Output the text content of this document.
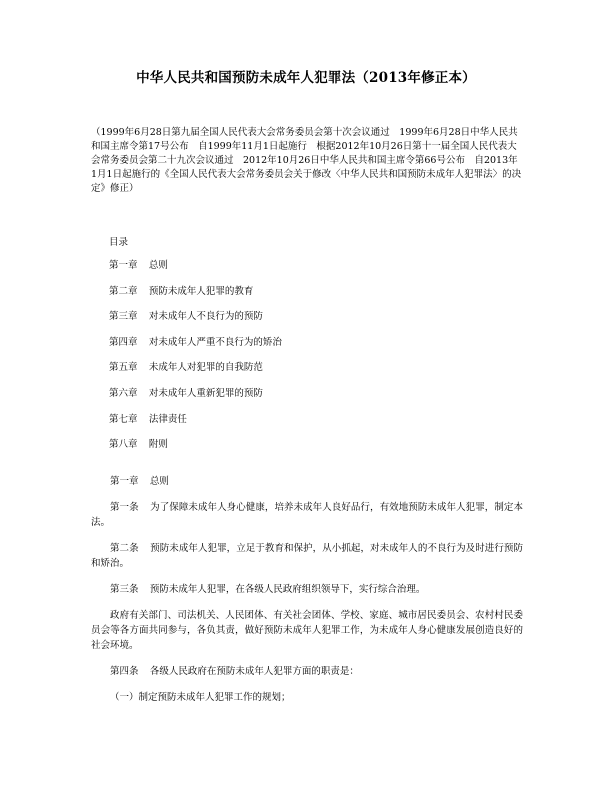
中华人民共和国预防未成年人犯罪法（2013年修正本）
（1999年6月28日第九届全国人民代表大会常务委员会第十次会议通过　1999年6月28日中华人民共和国主席令第17号公布　自1999年11月1日起施行　根据2012年10月26日第十一届全国人民代表大会常务委员会第二十九次会议通过　2012年10月26日中华人民共和国主席令第66号公布　自2013年1月1日起施行的《全国人民代表大会常务委员会关于修改〈中华人民共和国预防未成年人犯罪法〉的决定》修正）
目录
第一章 总则
第二章 预防未成年人犯罪的教育
第三章 对未成年人不良行为的预防
第四章 对未成年人严重不良行为的矫治
第五章 未成年人对犯罪的自我防范
第六章 对未成年人重新犯罪的预防
第七章 法律责任
第八章 附则

第一章 总则

第一条 为了保障未成年人身心健康，培养未成年人良好品行，有效地预防未成年人犯罪，制定本法。

第二条 预防未成年人犯罪，立足于教育和保护，从小抓起，对未成年人的不良行为及时进行预防和矫治。

第三条 预防未成年人犯罪，在各级人民政府组织领导下，实行综合治理。

政府有关部门、司法机关、人民团体、有关社会团体、学校、家庭、城市居民委员会、农村村民委员会等各方面共同参与，各负其责，做好预防未成年人犯罪工作，为未成年人身心健康发展创造良好的社会环境。

第四条 各级人民政府在预防未成年人犯罪方面的职责是：

（一）制定预防未成年人犯罪工作的规划；
